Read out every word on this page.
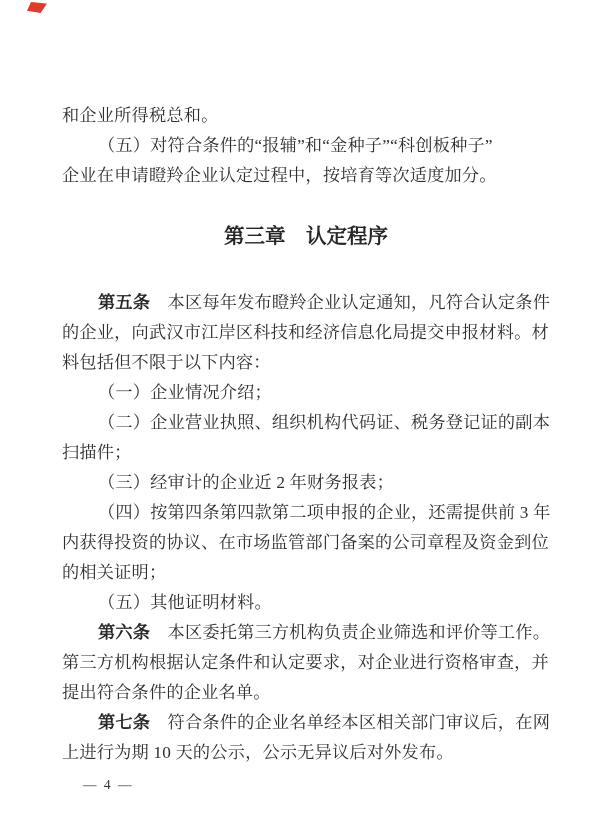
和企业所得税总和。
（五）对符合条件的“报辅”和“金种子”“科创板种子”
企业在申请瞪羚企业认定过程中，按培育等次适度加分。
第三章　认定程序
第五条　本区每年发布瞪羚企业认定通知，凡符合认定条件
的企业，向武汉市江岸区科技和经济信息化局提交申报材料。材
料包括但不限于以下内容：
（一）企业情况介绍；
（二）企业营业执照、组织机构代码证、税务登记证的副本
扫描件；
（三）经审计的企业近 2 年财务报表；
（四）按第四条第四款第二项申报的企业，还需提供前 3 年
内获得投资的协议、在市场监管部门备案的公司章程及资金到位
的相关证明；
（五）其他证明材料。
第六条　本区委托第三方机构负责企业筛选和评价等工作。
第三方机构根据认定条件和认定要求，对企业进行资格审查，并
提出符合条件的企业名单。
第七条　符合条件的企业名单经本区相关部门审议后，在网
上进行为期 10 天的公示，公示无异议后对外发布。
— 4 —
